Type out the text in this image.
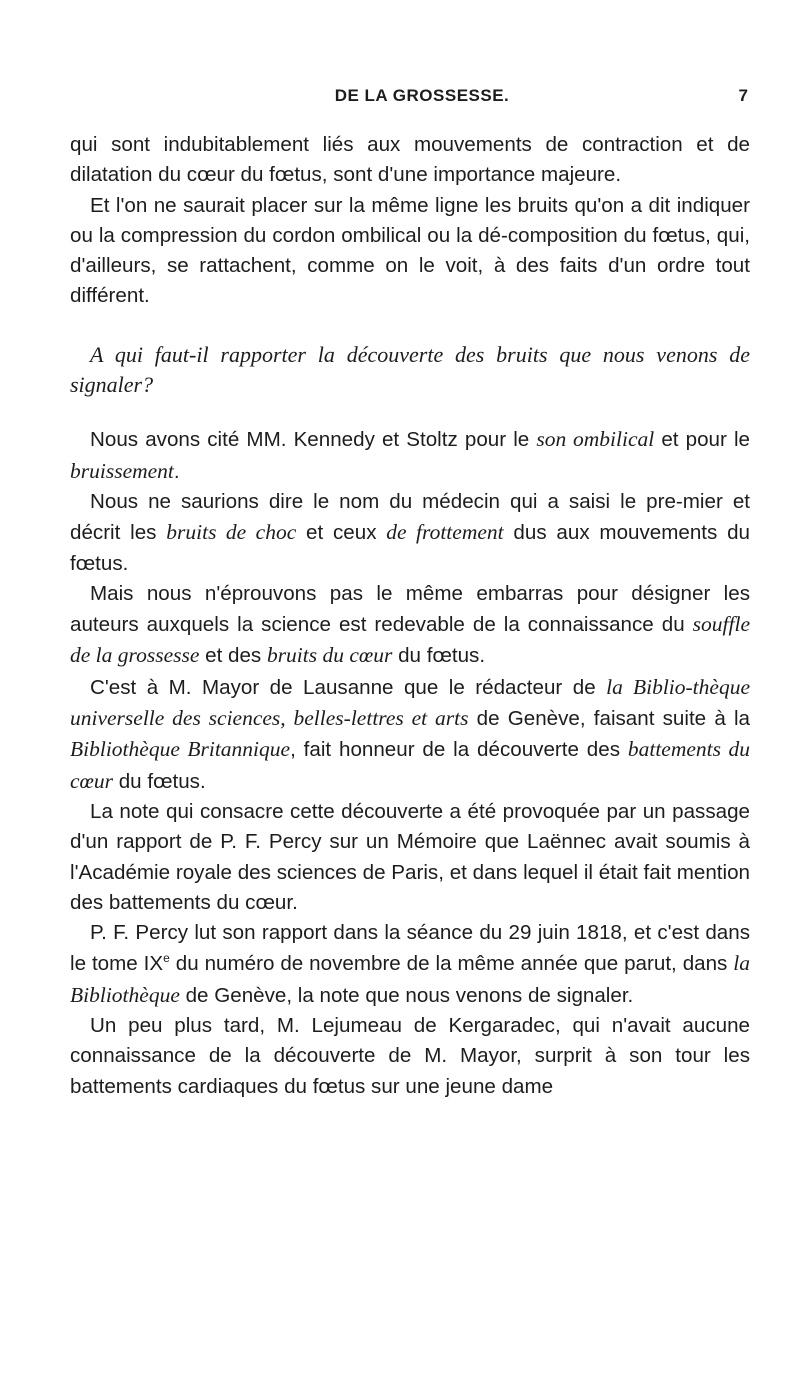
DE LA GROSSESSE.	7

qui sont indubitablement liés aux mouvements de contraction et de dilatation du cœur du fœtus, sont d'une importance majeure.

Et l'on ne saurait placer sur la même ligne les bruits qu'on a dit indiquer ou la compression du cordon ombilical ou la dé-composition du fœtus, qui, d'ailleurs, se rattachent, comme on le voit, à des faits d'un ordre tout différent.

A qui faut-il rapporter la découverte des bruits que nous venons de signaler?

Nous avons cité MM. Kennedy et Stoltz pour le son ombilical et pour le bruissement.

Nous ne saurions dire le nom du médecin qui a saisi le pre-mier et décrit les bruits de choc et ceux de frottement dus aux mouvements du fœtus.

Mais nous n'éprouvons pas le même embarras pour désigner les auteurs auxquels la science est redevable de la connaissance du souffle de la grossesse et des bruits du cœur du fœtus.

C'est à M. Mayor de Lausanne que le rédacteur de la Biblio-thèque universelle des sciences, belles-lettres et arts de Genève, faisant suite à la Bibliothèque Britannique, fait honneur de la découverte des battements du cœur du fœtus.

La note qui consacre cette découverte a été provoquée par un passage d'un rapport de P. F. Percy sur un Mémoire que Laënnec avait soumis à l'Académie royale des sciences de Paris, et dans lequel il était fait mention des battements du cœur.

P. F. Percy lut son rapport dans la séance du 29 juin 1818, et c'est dans le tome IXe du numéro de novembre de la même année que parut, dans la Bibliothèque de Genève, la note que nous venons de signaler.

Un peu plus tard, M. Lejumeau de Kergaradec, qui n'avait aucune connaissance de la découverte de M. Mayor, surprit à son tour les battements cardiaques du fœtus sur une jeune dame
